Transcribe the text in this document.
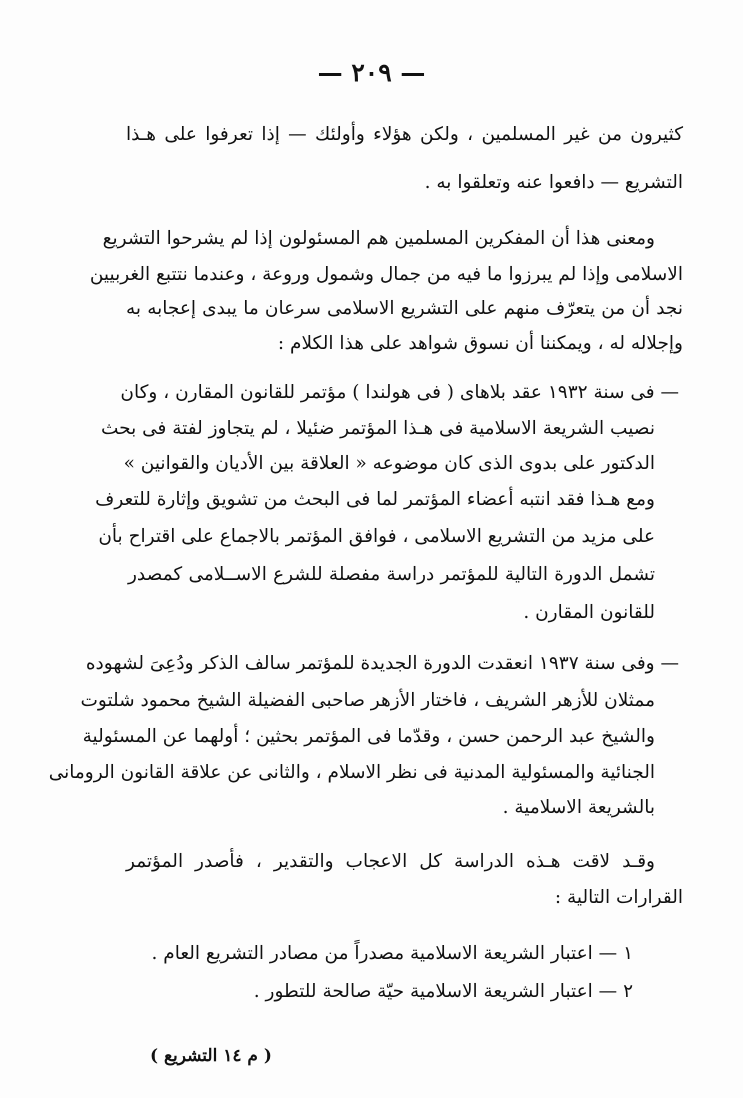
— ٢٠٩ —
كثيرون من غير المسلمين ، ولكن هؤلاء وأولئك — إذا تعرفوا على هـذا
التشريع — دافعوا عنه وتعلقوا به .
ومعنى هذا أن المفكرين المسلمين هم المسئولون إذا لم يشرحوا التشريع
الاسلامى وإذا لم يبرزوا ما فيه من جمال وشمول وروعة ، وعندما نتتبع الغربيين
نجد أن من يتعرّف منهم على التشريع الاسلامى سرعان ما يبدى إعجابه به
وإجلاله له ، ويمكننا أن نسوق شواهد على هذا الكلام :
— فى سنة ١٩٣٢ عقد بلاهاى ( فى هولندا ) مؤتمر للقانون المقارن ، وكان
نصيب الشريعة الاسلامية فى هـذا المؤتمر ضئيلا ، لم يتجاوز لفتة فى بحث
الدكتور على بدوى الذى كان موضوعه « العلاقة بين الأديان والقوانين »
ومع هـذا فقد انتبه أعضاء المؤتمر لما فى البحث من تشويق وإثارة للتعرف
على مزيد من التشريع الاسلامى ، فوافق المؤتمر بالاجماع على اقتراح بأن
تشمل الدورة التالية للمؤتمر دراسة مفصلة للشرع الاســلامى كمصدر
للقانون المقارن .
— وفى سنة ١٩٣٧ انعقدت الدورة الجديدة للمؤتمر سالف الذكر ودُعِىَ لشهوده
ممثلان للأزهر الشريف ، فاختار الأزهر صاحبى الفضيلة الشيخ محمود شلتوت
والشيخ عبد الرحمن حسن ، وقدّما فى المؤتمر بحثين ؛ أولهما عن المسئولية
الجنائية والمسئولية المدنية فى نظر الاسلام ، والثانى عن علاقة القانون الرومانى
بالشريعة الاسلامية .
وقـد لاقت هـذه الدراسة كل الاعجاب والتقدير ، فأصدر المؤتمر
القرارات التالية :
١ — اعتبار الشريعة الاسلامية مصدراً من مصادر التشريع العام .
٢ — اعتبار الشريعة الاسلامية حيّة صالحة للتطور .
( م ١٤ التشريع )
